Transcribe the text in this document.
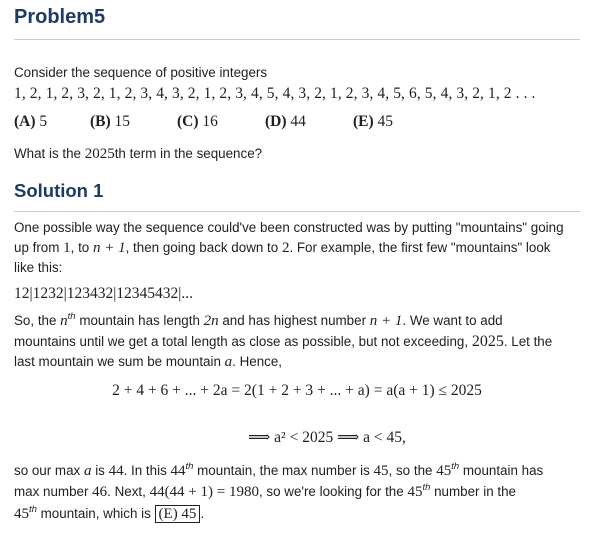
Problem5
Consider the sequence of positive integers
1, 2, 1, 2, 3, 2, 1, 2, 3, 4, 3, 2, 1, 2, 3, 4, 5, 4, 3, 2, 1, 2, 3, 4, 5, 6, 5, 4, 3, 2, 1, 2 . . .
(A) 5	(B) 15	(C) 16	(D) 44	(E) 45
What is the 2025th term in the sequence?
Solution 1
One possible way the sequence could've been constructed was by putting "mountains" going
up from 1, to n + 1, then going back down to 2. For example, the first few "mountains" look
like this:
12|1232|123432|12345432|...
So, the $n^{th}$ mountain has length 2n and has highest number n + 1. We want to add
mountains until we get a total length as close as possible, but not exceeding, 2025. Let the
last mountain we sum be mountain a. Hence,
2 + 4 + 6 + ... + 2a = 2(1 + 2 + 3 + ... + a) = a(a + 1) ≤ 2025
⟹ a² < 2025 ⟹ a < 45,
so our max a is 44. In this 44th mountain, the max number is 45, so the 45th mountain has
max number 46. Next, 44(44 + 1) = 1980, so we're looking for the 45th number in the
45th mountain, which is (E) 45 .
